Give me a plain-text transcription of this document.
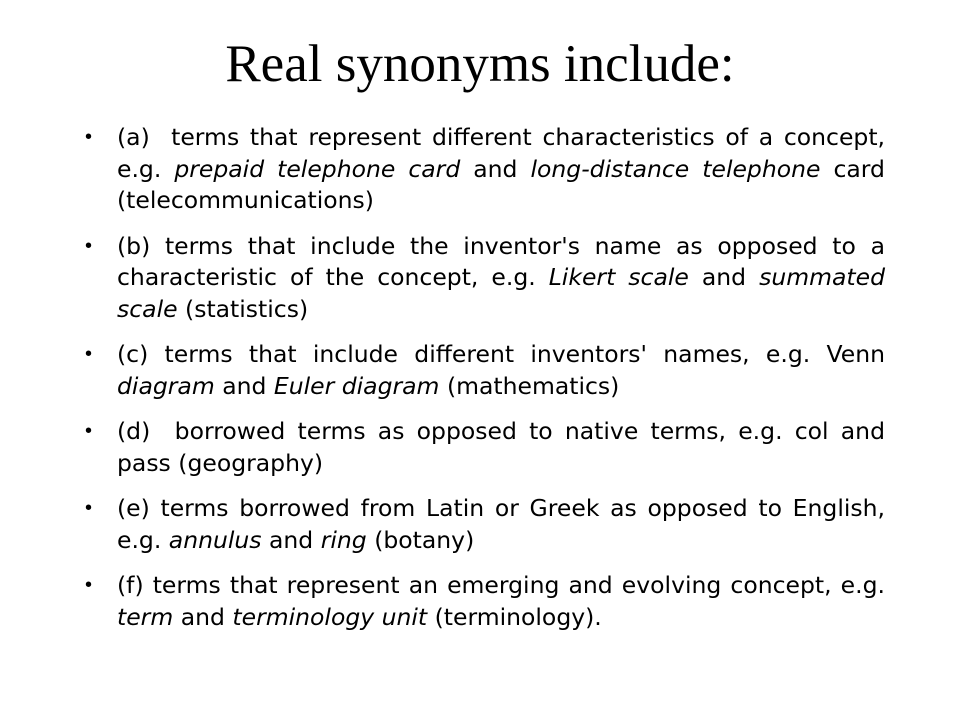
Real synonyms include:
• (a)  terms that represent different characteristics of a concept, e.g. prepaid telephone card and long-distance telephone card (telecommunications)
• (b) terms that include the inventor's name as opposed to a characteristic of the concept, e.g. Likert scale and summated scale (statistics)
• (c) terms that include different inventors' names, e.g. Venn diagram and Euler diagram (mathematics)
• (d)  borrowed terms as opposed to native terms, e.g. col and pass (geography)
• (e) terms borrowed from Latin or Greek as opposed to English, e.g. annulus and ring (botany)
• (f) terms that represent an emerging and evolving concept, e.g. term and terminology unit (terminology).
